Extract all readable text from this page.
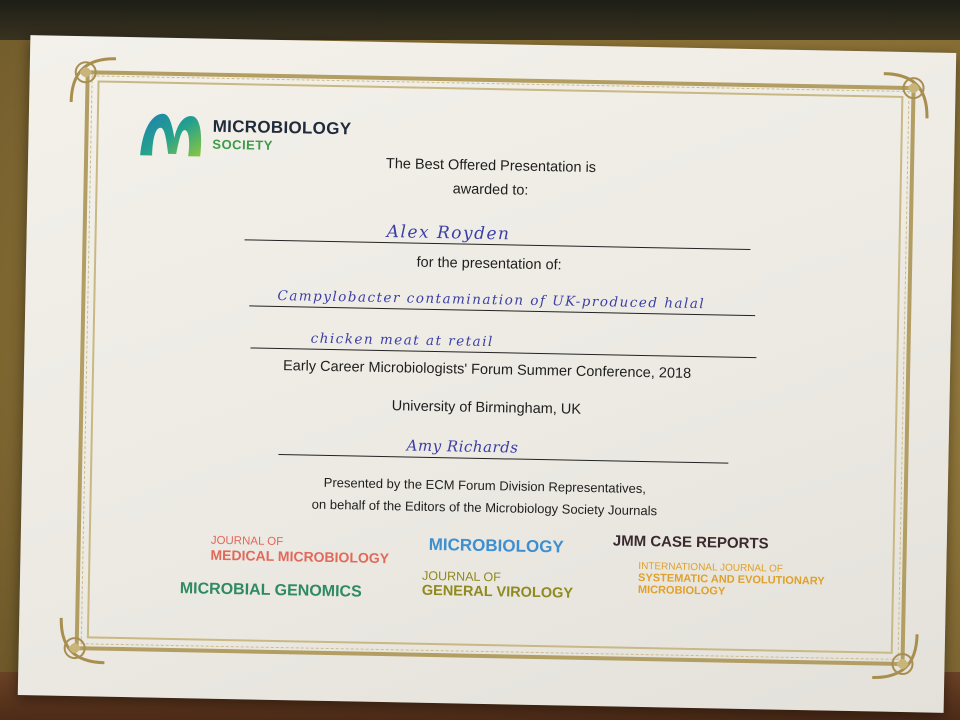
MICROBIOLOGY
SOCIETY
The Best Offered Presentation is
awarded to:
Alex Royden
for the presentation of:
Campylobacter contamination of UK-produced halal
chicken meat at retail
Early Career Microbiologists' Forum Summer Conference, 2018
University of Birmingham, UK
Amy Richards
Presented by the ECM Forum Division Representatives,
on behalf of the Editors of the Microbiology Society Journals
JOURNAL OF
MEDICAL MICROBIOLOGY MICROBIOLOGY	JMM CASE REPORTS
MICROBIAL GENOMICS
JOURNAL OF
GENERAL VIROLOGY
INTERNATIONAL JOURNAL OF
SYSTEMATIC AND EVOLUTIONARY
MICROBIOLOGY
